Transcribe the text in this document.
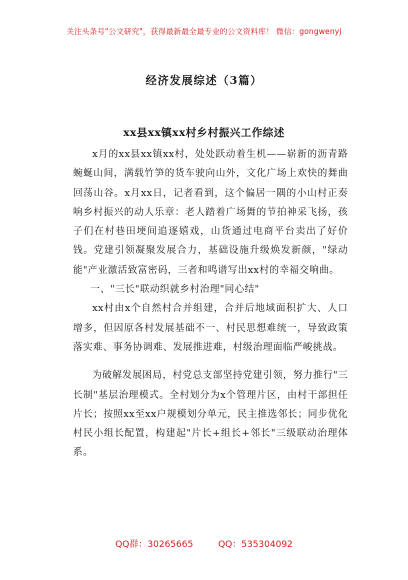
关注头条号"公文研究"，获得最新最全最专业的公文资料库！ 微信：gongwenyj
经济发展综述（3篇）
xx县xx镇xx村乡村振兴工作综述

x月的xx县xx镇xx村，处处跃动着生机——崭新的沥青路蜿蜒山间，满载竹笋的货车驶向山外，文化广场上欢快的舞曲回荡山谷。x月xx日，记者看到，这个偏居一隅的小山村正奏响乡村振兴的动人乐章：老人踏着广场舞的节拍神采飞扬，孩子们在村巷田埂间追逐嬉戏，山货通过电商平台卖出了好价钱。党建引领凝聚发展合力，基础设施升级焕发新颜，"绿动能"产业激活致富密码，三者和鸣谱写出xx村的幸福交响曲。

一、"三长"联动织就乡村治理"同心结"

xx村由x个自然村合并组建，合并后地域面积扩大、人口增多，但因原各村发展基础不一、村民思想难统一，导致政策落实难、事务协调难、发展推进难，村级治理面临严峻挑战。

为破解发展困局，村党总支部坚持党建引领，努力推行"三长制"基层治理模式。全村划分为x个管理片区，由村干部担任片长；按照xx至xx户规模划分单元，民主推选邻长；同步优化村民小组长配置，构建起"片长+组长+邻长"三级联动治理体系。

QQ群：30265665	QQ：535304092
